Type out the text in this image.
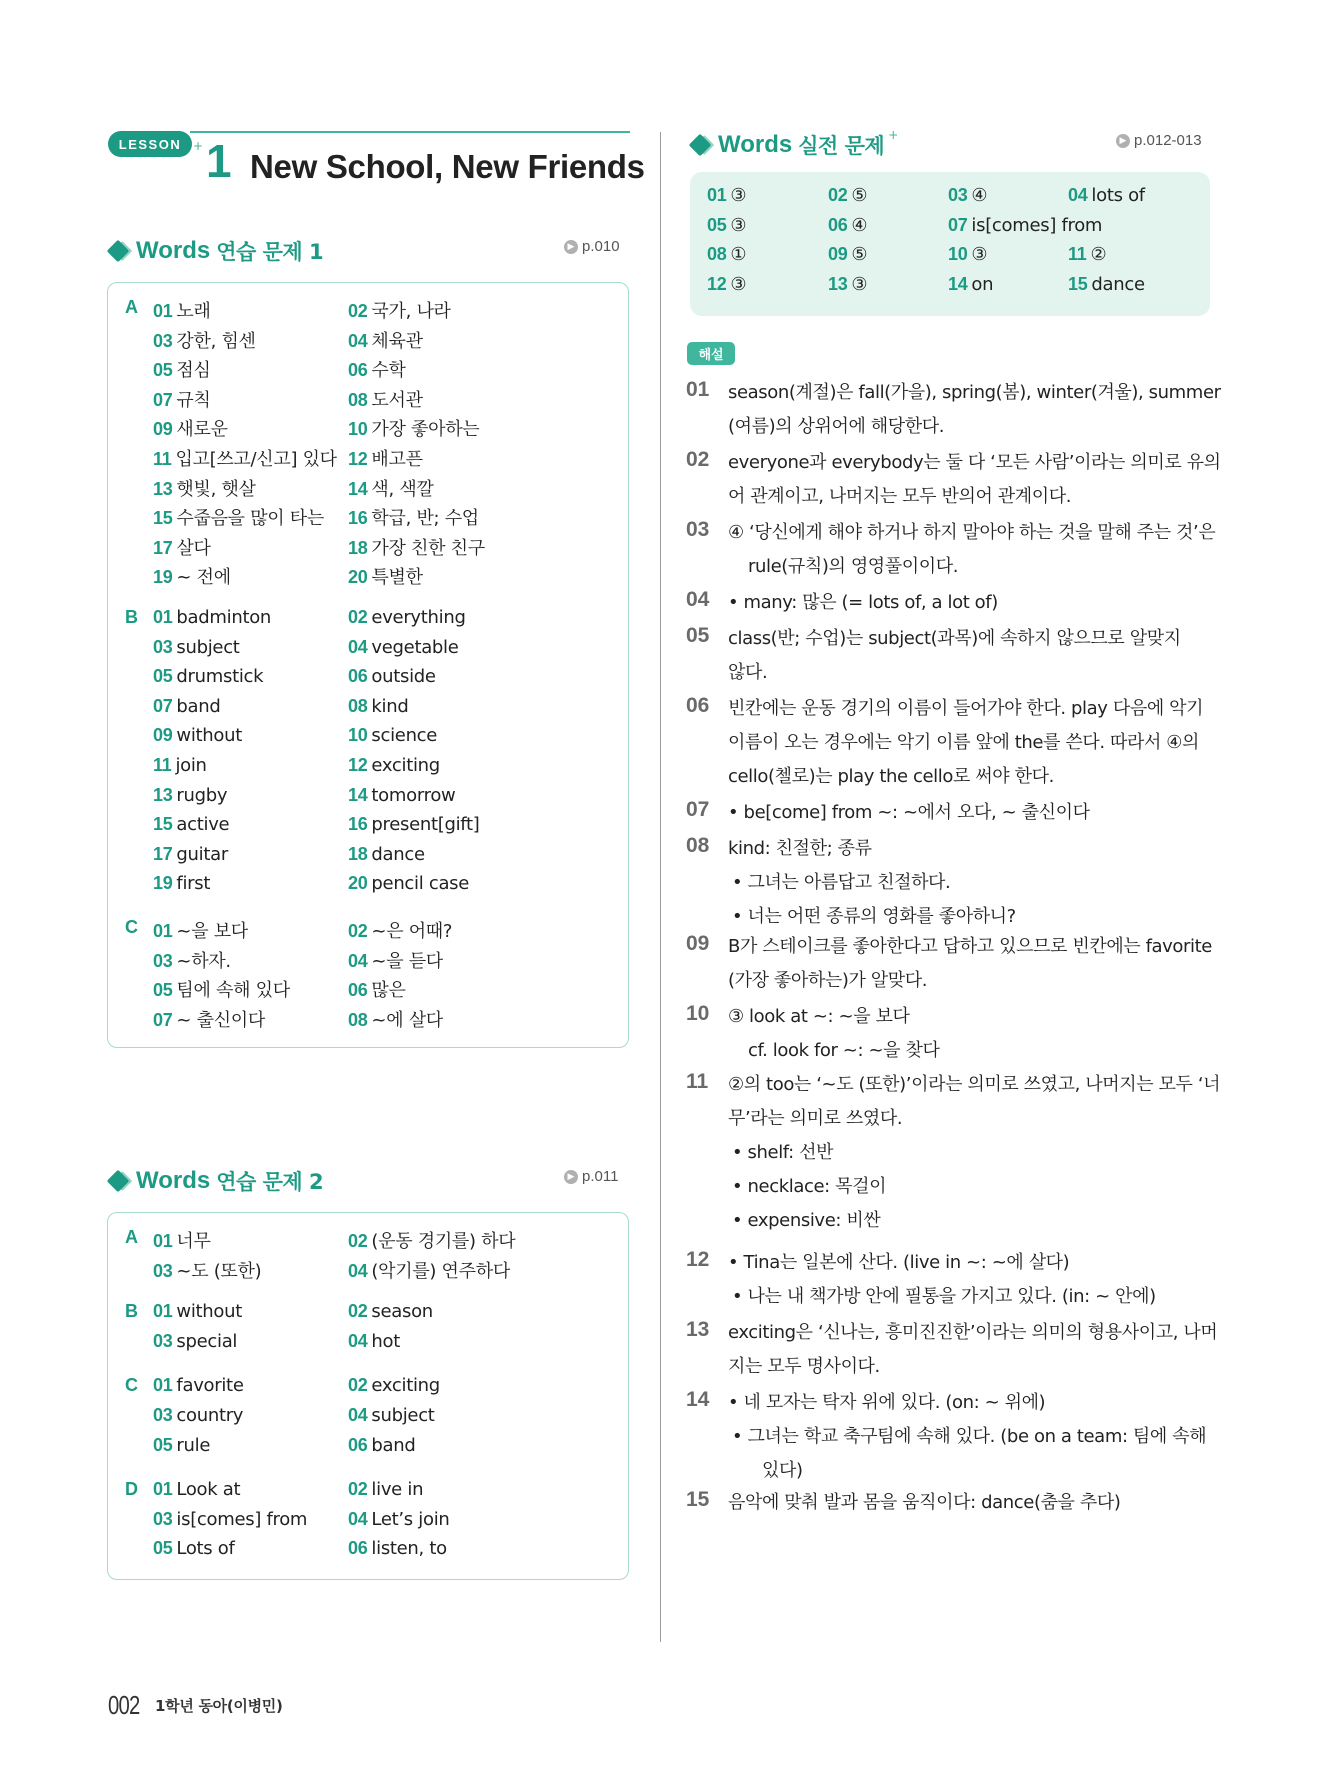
LESSON + 1 New School, New Friends
Words 연습 문제 1	▶ p.010
A 01 노래	02 국가, 나라
03 강한, 힘센	04 체육관
05 점심	06 수학
07 규칙	08 도서관
09 새로운	10 가장 좋아하는
11 입고[쓰고/신고] 있다 12 배고픈
13 햇빛, 햇살	14 색, 색깔
15 수줍음을 많이 타는 16 학급, 반; 수업
17 살다	18 가장 친한 친구
19 ~ 전에	20 특별한
B 01 badminton	02 everything
03 subject	04 vegetable
05 drumstick	06 outside
07 band	08 kind
09 without	10 science
11 join	12 exciting
13 rugby	14 tomorrow
15 active	16 present[gift]
17 guitar	18 dance
19 first	20 pencil case
C 01 ~을 보다	02 ~은 어때?
03 ~하자.	04 ~을 듣다
05 팀에 속해 있다	06 많은
07 ~ 출신이다	08 ~에 살다
Words 연습 문제 2	▶ p.011
A 01 너무	02 (운동 경기를) 하다
03 ~도 (또한)	04 (악기를) 연주하다
B 01 without	02 season
03 special	04 hot
C 01 favorite	02 exciting
03 country	04 subject
05 rule	06 band
D 01 Look at	02 live in
03 is[comes] from 04 Let’s join
05 Lots of	06 listen, to
Words 실전 문제 +	▶ p.012-013
01 ③	02 ⑤	03 ④	04 lots of
05 ③	06 ④	07 is[comes] from
08 ①	09 ⑤	10 ③	11 ②
12 ③	13 ③	14 on	15 dance
해설
01 season(계절)은 fall(가을), spring(봄), winter(겨울), summer
(여름)의 상위어에 해당한다.
02 everyone과 everybody는 둘 다 ‘모든 사람’이라는 의미로 유의
어 관계이고, 나머지는 모두 반의어 관계이다.
03 ④ ‘당신에게 해야 하거나 하지 말아야 하는 것을 말해 주는 것’은
rule(규칙)의 영영풀이이다.
04 • many: 많은 (= lots of, a lot of)
05 class(반; 수업)는 subject(과목)에 속하지 않으므로 알맞지
않다.
06 빈칸에는 운동 경기의 이름이 들어가야 한다. play 다음에 악기
이름이 오는 경우에는 악기 이름 앞에 the를 쓴다. 따라서 ④의
cello(첼로)는 play the cello로 써야 한다.
07 • be[come] from ~: ~에서 오다, ~ 출신이다
08 kind: 친절한; 종류
• 그녀는 아름답고 친절하다.
• 너는 어떤 종류의 영화를 좋아하니?
09 B가 스테이크를 좋아한다고 답하고 있으므로 빈칸에는 favorite
(가장 좋아하는)가 알맞다.
10 ③ look at ~: ~을 보다
cf. look for ~: ~을 찾다
11 ②의 too는 ‘~도 (또한)’이라는 의미로 쓰였고, 나머지는 모두 ‘너
무’라는 의미로 쓰였다.
• shelf: 선반
• necklace: 목걸이
• expensive: 비싼
12 • Tina는 일본에 산다. (live in ~: ~에 살다)
• 나는 내 책가방 안에 필통을 가지고 있다. (in: ~ 안에)
13 exciting은 ‘신나는, 흥미진진한’이라는 의미의 형용사이고, 나머
지는 모두 명사이다.
14 • 네 모자는 탁자 위에 있다. (on: ~ 위에)
• 그녀는 학교 축구팀에 속해 있다. (be on a team: 팀에 속해
있다)
15 음악에 맞춰 발과 몸을 움직이다: dance(춤을 추다)
002 1학년 동아(이병민)
